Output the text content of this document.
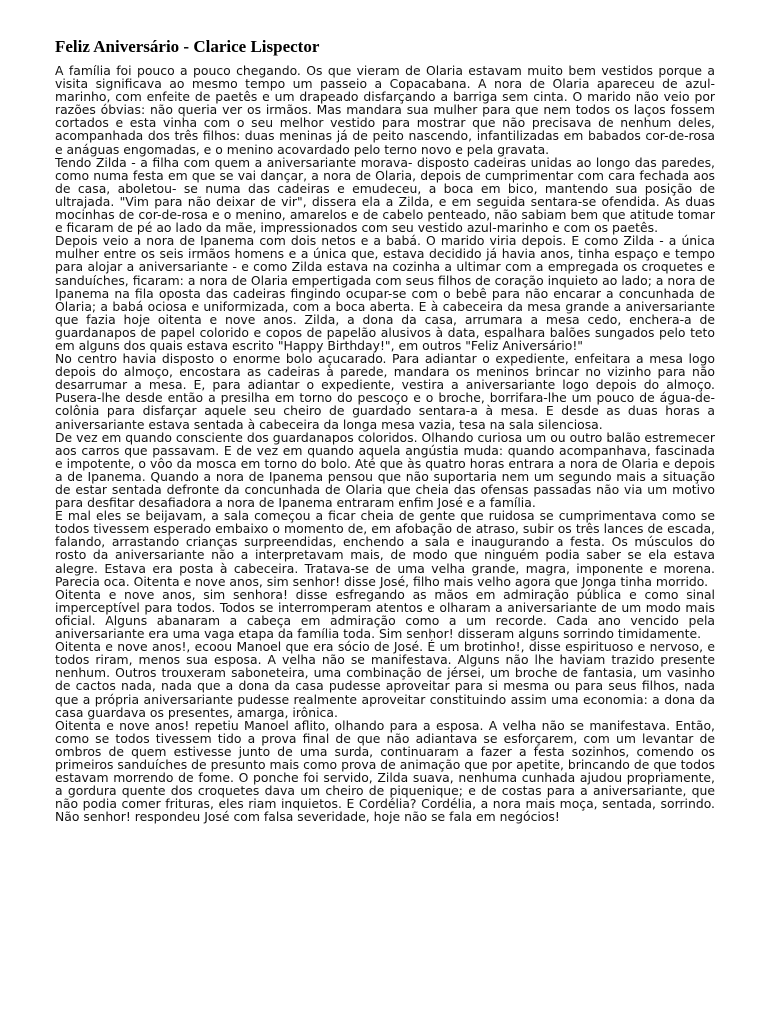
Feliz Aniversário - Clarice Lispector

A família foi pouco a pouco chegando. Os que vieram de Olaria estavam muito bem vestidos porque a visita significava ao mesmo tempo um passeio a Copacabana. A nora de Olaria apareceu de azul-marinho, com enfeite de paetês e um drapeado disfarçando a barriga sem cinta. O marido não veio por razões óbvias: não queria ver os irmãos. Mas mandara sua mulher para que nem todos os laços fossem cortados e esta vinha com o seu melhor vestido para mostrar que não precisava de nenhum deles, acompanhada dos três filhos: duas meninas já de peito nascendo, infantilizadas em babados cor-de-rosa e anáguas engomadas, e o menino acovardado pelo terno novo e pela gravata.

Tendo Zilda - a filha com quem a aniversariante morava- disposto cadeiras unidas ao longo das paredes, como numa festa em que se vai dançar, a nora de Olaria, depois de cumprimentar com cara fechada aos de casa, aboletou- se numa das cadeiras e emudeceu, a boca em bico, mantendo sua posição de ultrajada. "Vim para não deixar de vir", dissera ela a Zilda, e em seguida sentara-se ofendida. As duas mocinhas de cor-de-rosa e o menino, amarelos e de cabelo penteado, não sabiam bem que atitude tomar e ficaram de pé ao lado da mãe, impressionados com seu vestido azul-marinho e com os paetês.

Depois veio a nora de Ipanema com dois netos e a babá. O marido viria depois. E como Zilda - a única mulher entre os seis irmãos homens e a única que, estava decidido já havia anos, tinha espaço e tempo para alojar a aniversariante - e como Zilda estava na cozinha a ultimar com a empregada os croquetes e sanduíches, ficaram: a nora de Olaria empertigada com seus filhos de coração inquieto ao lado; a nora de Ipanema na fila oposta das cadeiras fingindo ocupar-se com o bebê para não encarar a concunhada de Olaria; a babá ociosa e uniformizada, com a boca aberta. E à cabeceira da mesa grande a aniversariante que fazia hoje oitenta e nove anos. Zilda, a dona da casa, arrumara a mesa cedo, enchera-a de guardanapos de papel colorido e copos de papelão alusivos à data, espalhara balões sungados pelo teto em alguns dos quais estava escrito "Happy Birthday!", em outros "Feliz Aniversário!"

No centro havia disposto o enorme bolo açucarado. Para adiantar o expediente, enfeitara a mesa logo depois do almoço, encostara as cadeiras à parede, mandara os meninos brincar no vizinho para não desarrumar a mesa. E, para adiantar o expediente, vestira a aniversariante logo depois do almoço. Pusera-lhe desde então a presilha em torno do pescoço e o broche, borrifara-lhe um pouco de água-de-colônia para disfarçar aquele seu cheiro de guardado sentara-a à mesa. E desde as duas horas a aniversariante estava sentada à cabeceira da longa mesa vazia, tesa na sala silenciosa.

De vez em quando consciente dos guardanapos coloridos. Olhando curiosa um ou outro balão estremecer aos carros que passavam. E de vez em quando aquela angústia muda: quando acompanhava, fascinada e impotente, o vôo da mosca em torno do bolo. Até que às quatro horas entrara a nora de Olaria e depois a de Ipanema. Quando a nora de Ipanema pensou que não suportaria nem um segundo mais a situação de estar sentada defronte da concunhada de Olaria que cheia das ofensas passadas não via um motivo para desfitar desafiadora a nora de Ipanema entraram enfim José e a família.

E mal eles se beijavam, a sala começou a ficar cheia de gente que ruidosa se cumprimentava como se todos tivessem esperado embaixo o momento de, em afobação de atraso, subir os três lances de escada, falando, arrastando crianças surpreendidas, enchendo a sala e inaugurando a festa. Os músculos do rosto da aniversariante não a interpretavam mais, de modo que ninguém podia saber se ela estava alegre. Estava era posta à cabeceira. Tratava-se de uma velha grande, magra, imponente e morena. Parecia oca. Oitenta e nove anos, sim senhor! disse José, filho mais velho agora que Jonga tinha morrido.

Oitenta e nove anos, sim senhora! disse esfregando as mãos em admiração pública e como sinal imperceptível para todos. Todos se interromperam atentos e olharam a aniversariante de um modo mais oficial. Alguns abanaram a cabeça em admiração como a um recorde. Cada ano vencido pela aniversariante era uma vaga etapa da família toda. Sim senhor! disseram alguns sorrindo timidamente.

Oitenta e nove anos!, ecoou Manoel que era sócio de José. É um brotinho!, disse espirituoso e nervoso, e todos riram, menos sua esposa. A velha não se manifestava. Alguns não lhe haviam trazido presente nenhum. Outros trouxeram saboneteira, uma combinação de jérsei, um broche de fantasia, um vasinho de cactos nada, nada que a dona da casa pudesse aproveitar para si mesma ou para seus filhos, nada que a própria aniversariante pudesse realmente aproveitar constituindo assim uma economia: a dona da casa guardava os presentes, amarga, irônica.

Oitenta e nove anos! repetiu Manoel aflito, olhando para a esposa. A velha não se manifestava. Então, como se todos tivessem tido a prova final de que não adiantava se esforçarem, com um levantar de ombros de quem estivesse junto de uma surda, continuaram a fazer a festa sozinhos, comendo os primeiros sanduíches de presunto mais como prova de animação que por apetite, brincando de que todos estavam morrendo de fome. O ponche foi servido, Zilda suava, nenhuma cunhada ajudou propriamente, a gordura quente dos croquetes dava um cheiro de piquenique; e de costas para a aniversariante, que não podia comer frituras, eles riam inquietos. E Cordélia? Cordélia, a nora mais moça, sentada, sorrindo. Não senhor! respondeu José com falsa severidade, hoje não se fala em negócios!
